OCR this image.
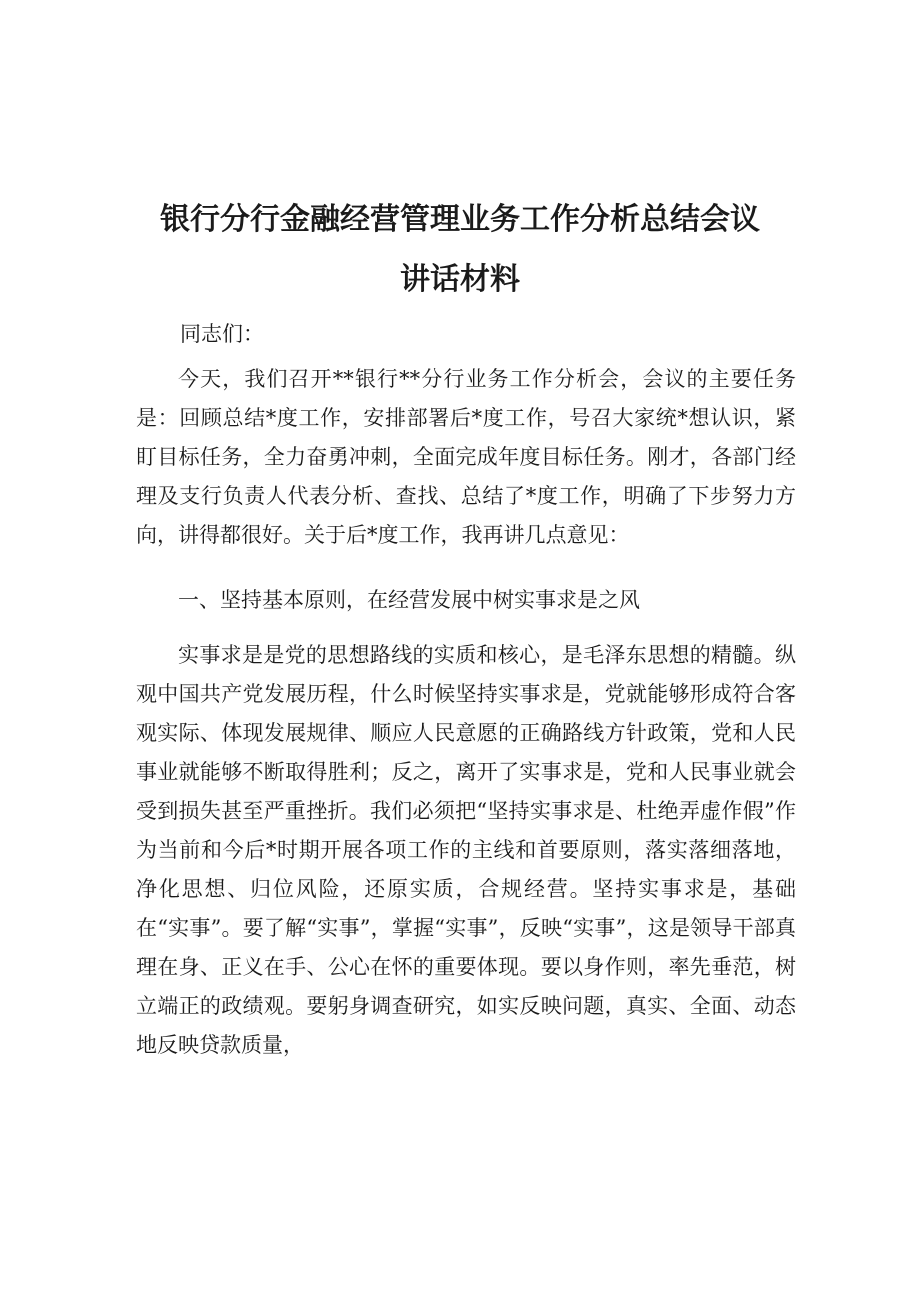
银行分行金融经营管理业务工作分析总结会议
讲话材料
同志们：

今天，我们召开**银行**分行业务工作分析会，会议的主要任务是：回顾总结*度工作，安排部署后*度工作，号召大家统*想认识，紧盯目标任务，全力奋勇冲刺，全面完成年度目标任务。刚才，各部门经理及支行负责人代表分析、查找、总结了*度工作，明确了下步努力方向，讲得都很好。关于后*度工作，我再讲几点意见：

一、坚持基本原则，在经营发展中树实事求是之风

实事求是是党的思想路线的实质和核心，是毛泽东思想的精髓。纵观中国共产党发展历程，什么时候坚持实事求是，党就能够形成符合客观实际、体现发展规律、顺应人民意愿的正确路线方针政策，党和人民事业就能够不断取得胜利；反之，离开了实事求是，党和人民事业就会受到损失甚至严重挫折。我们必须把“坚持实事求是、杜绝弄虚作假”作为当前和今后*时期开展各项工作的主线和首要原则，落实落细落地，净化思想、归位风险，还原实质，合规经营。坚持实事求是，基础在“实事”。要了解“实事”，掌握“实事”，反映“实事”，这是领导干部真理在身、正义在手、公心在怀的重要体现。要以身作则，率先垂范，树立端正的政绩观。要躬身调查研究，如实反映问题，真实、全面、动态地反映贷款质量，
